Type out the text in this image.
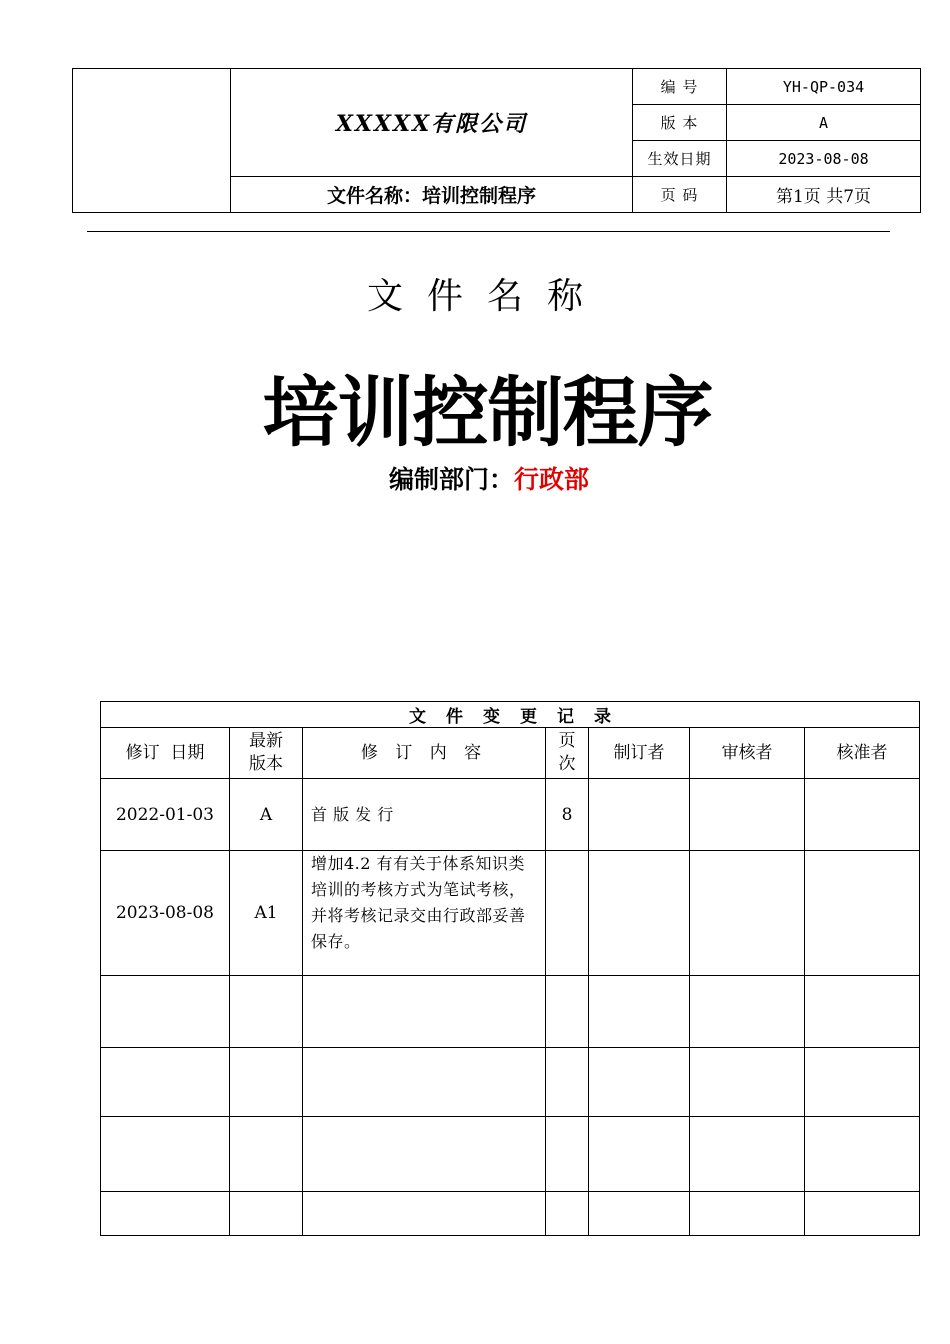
	XXXXX有限公司	编 号	YH-QP-034
		版 本	A
		生效日期	2023-08-08
	文件名称：培训控制程序	页 码	第1页 共7页
文件名称
培训控制程序
编制部门：行政部
文件变更记录						
修订  日期	最新版本	修 订 内 容	页次	制订者	审核者	核准者
2022-01-03	A	首 版 发 行	8			
2023-08-08	A1	增加4.2 有有关于体系知识类培训的考核方式为笔试考核，并将考核记录交由行政部妥善保存。				
